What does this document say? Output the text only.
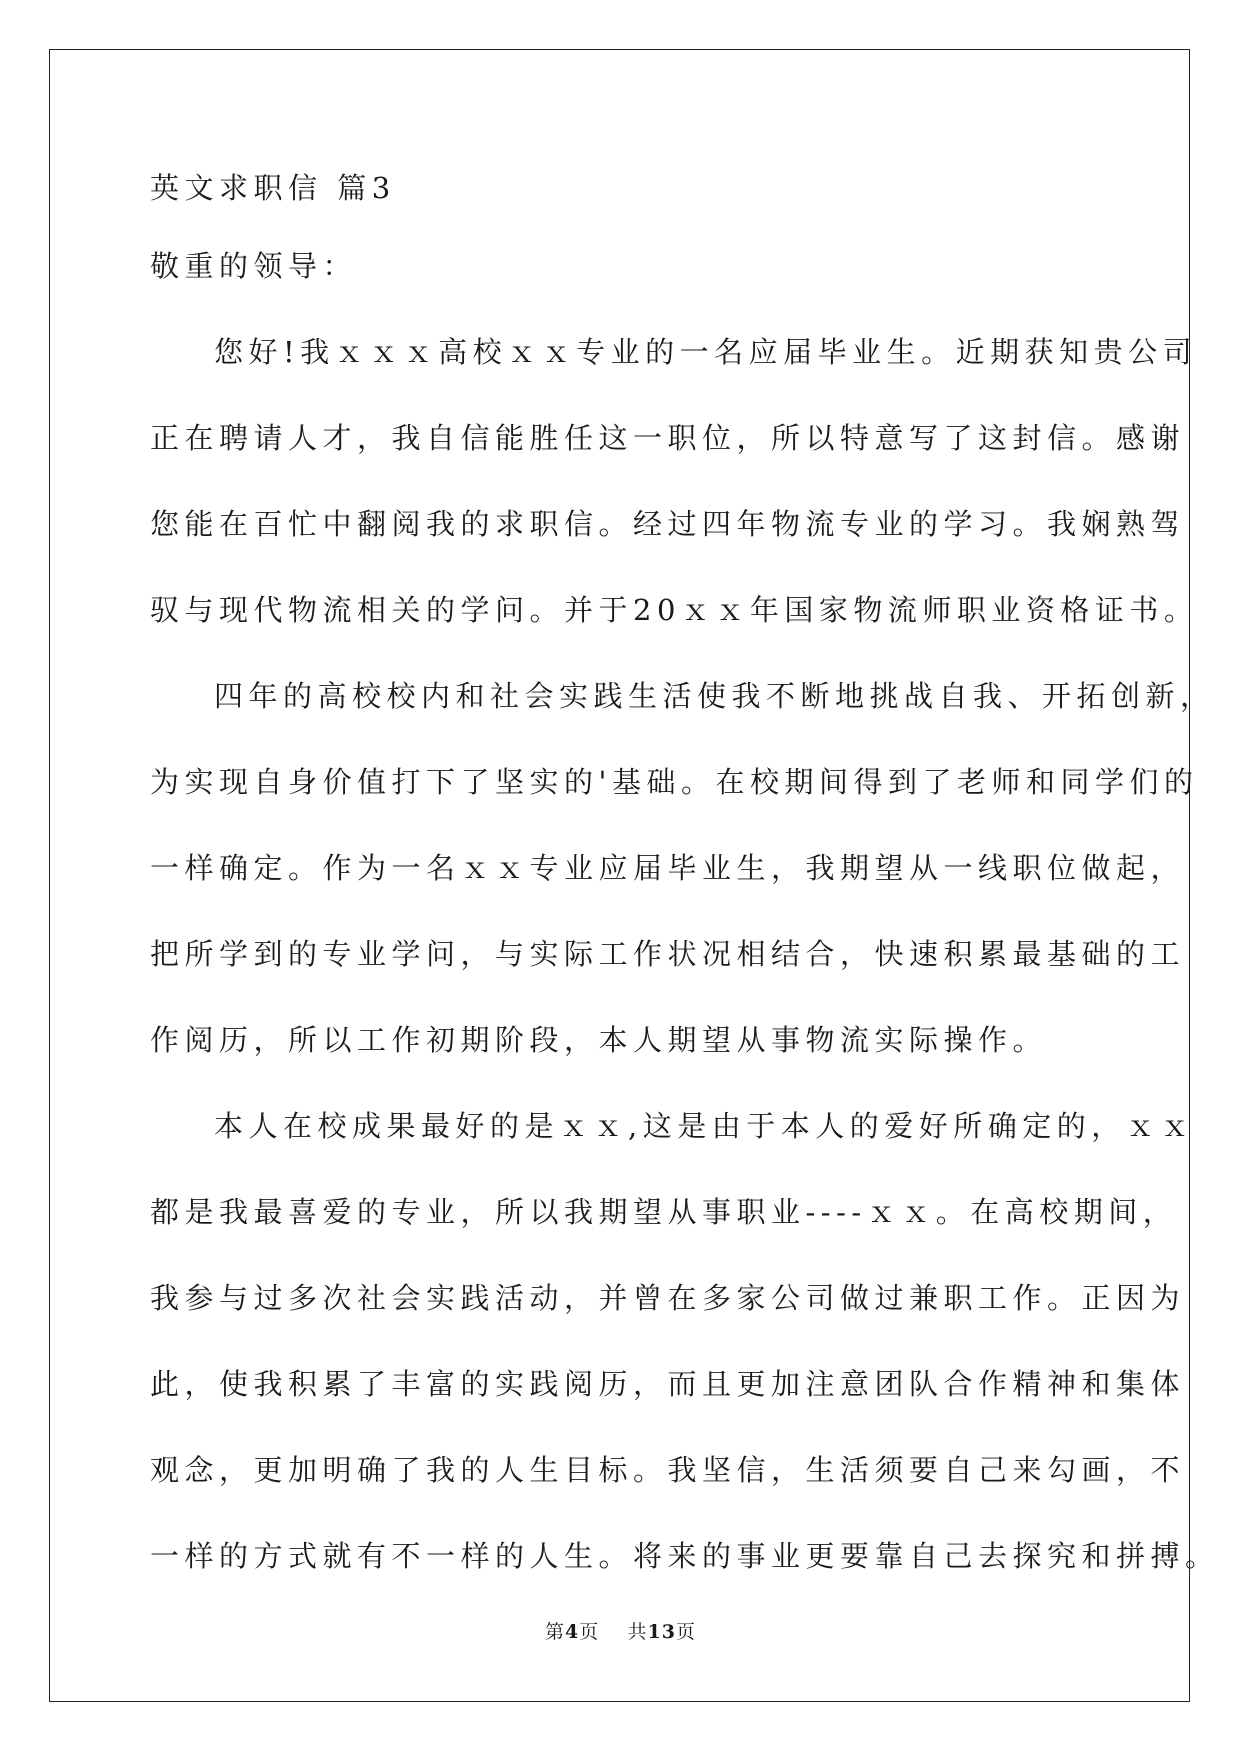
英文求职信 篇3
敬重的领导：
您好!我ｘｘｘ高校ｘｘ专业的一名应届毕业生。近期获知贵公司
正在聘请人才，我自信能胜任这一职位，所以特意写了这封信。感谢
您能在百忙中翻阅我的求职信。经过四年物流专业的学习。我娴熟驾
驭与现代物流相关的学问。并于20ｘｘ年国家物流师职业资格证书。
四年的高校校内和社会实践生活使我不断地挑战自我、开拓创新，
为实现自身价值打下了坚实的'基础。在校期间得到了老师和同学们的
一样确定。作为一名ｘｘ专业应届毕业生，我期望从一线职位做起，
把所学到的专业学问，与实际工作状况相结合，快速积累最基础的工
作阅历，所以工作初期阶段，本人期望从事物流实际操作。
本人在校成果最好的是ｘｘ,这是由于本人的爱好所确定的，ｘｘ
都是我最喜爱的专业，所以我期望从事职业----ｘｘ。在高校期间，
我参与过多次社会实践活动，并曾在多家公司做过兼职工作。正因为
此，使我积累了丰富的实践阅历，而且更加注意团队合作精神和集体
观念，更加明确了我的人生目标。我坚信，生活须要自己来勾画，不
一样的方式就有不一样的人生。将来的事业更要靠自己去探究和拼搏。
第4页 共13页
